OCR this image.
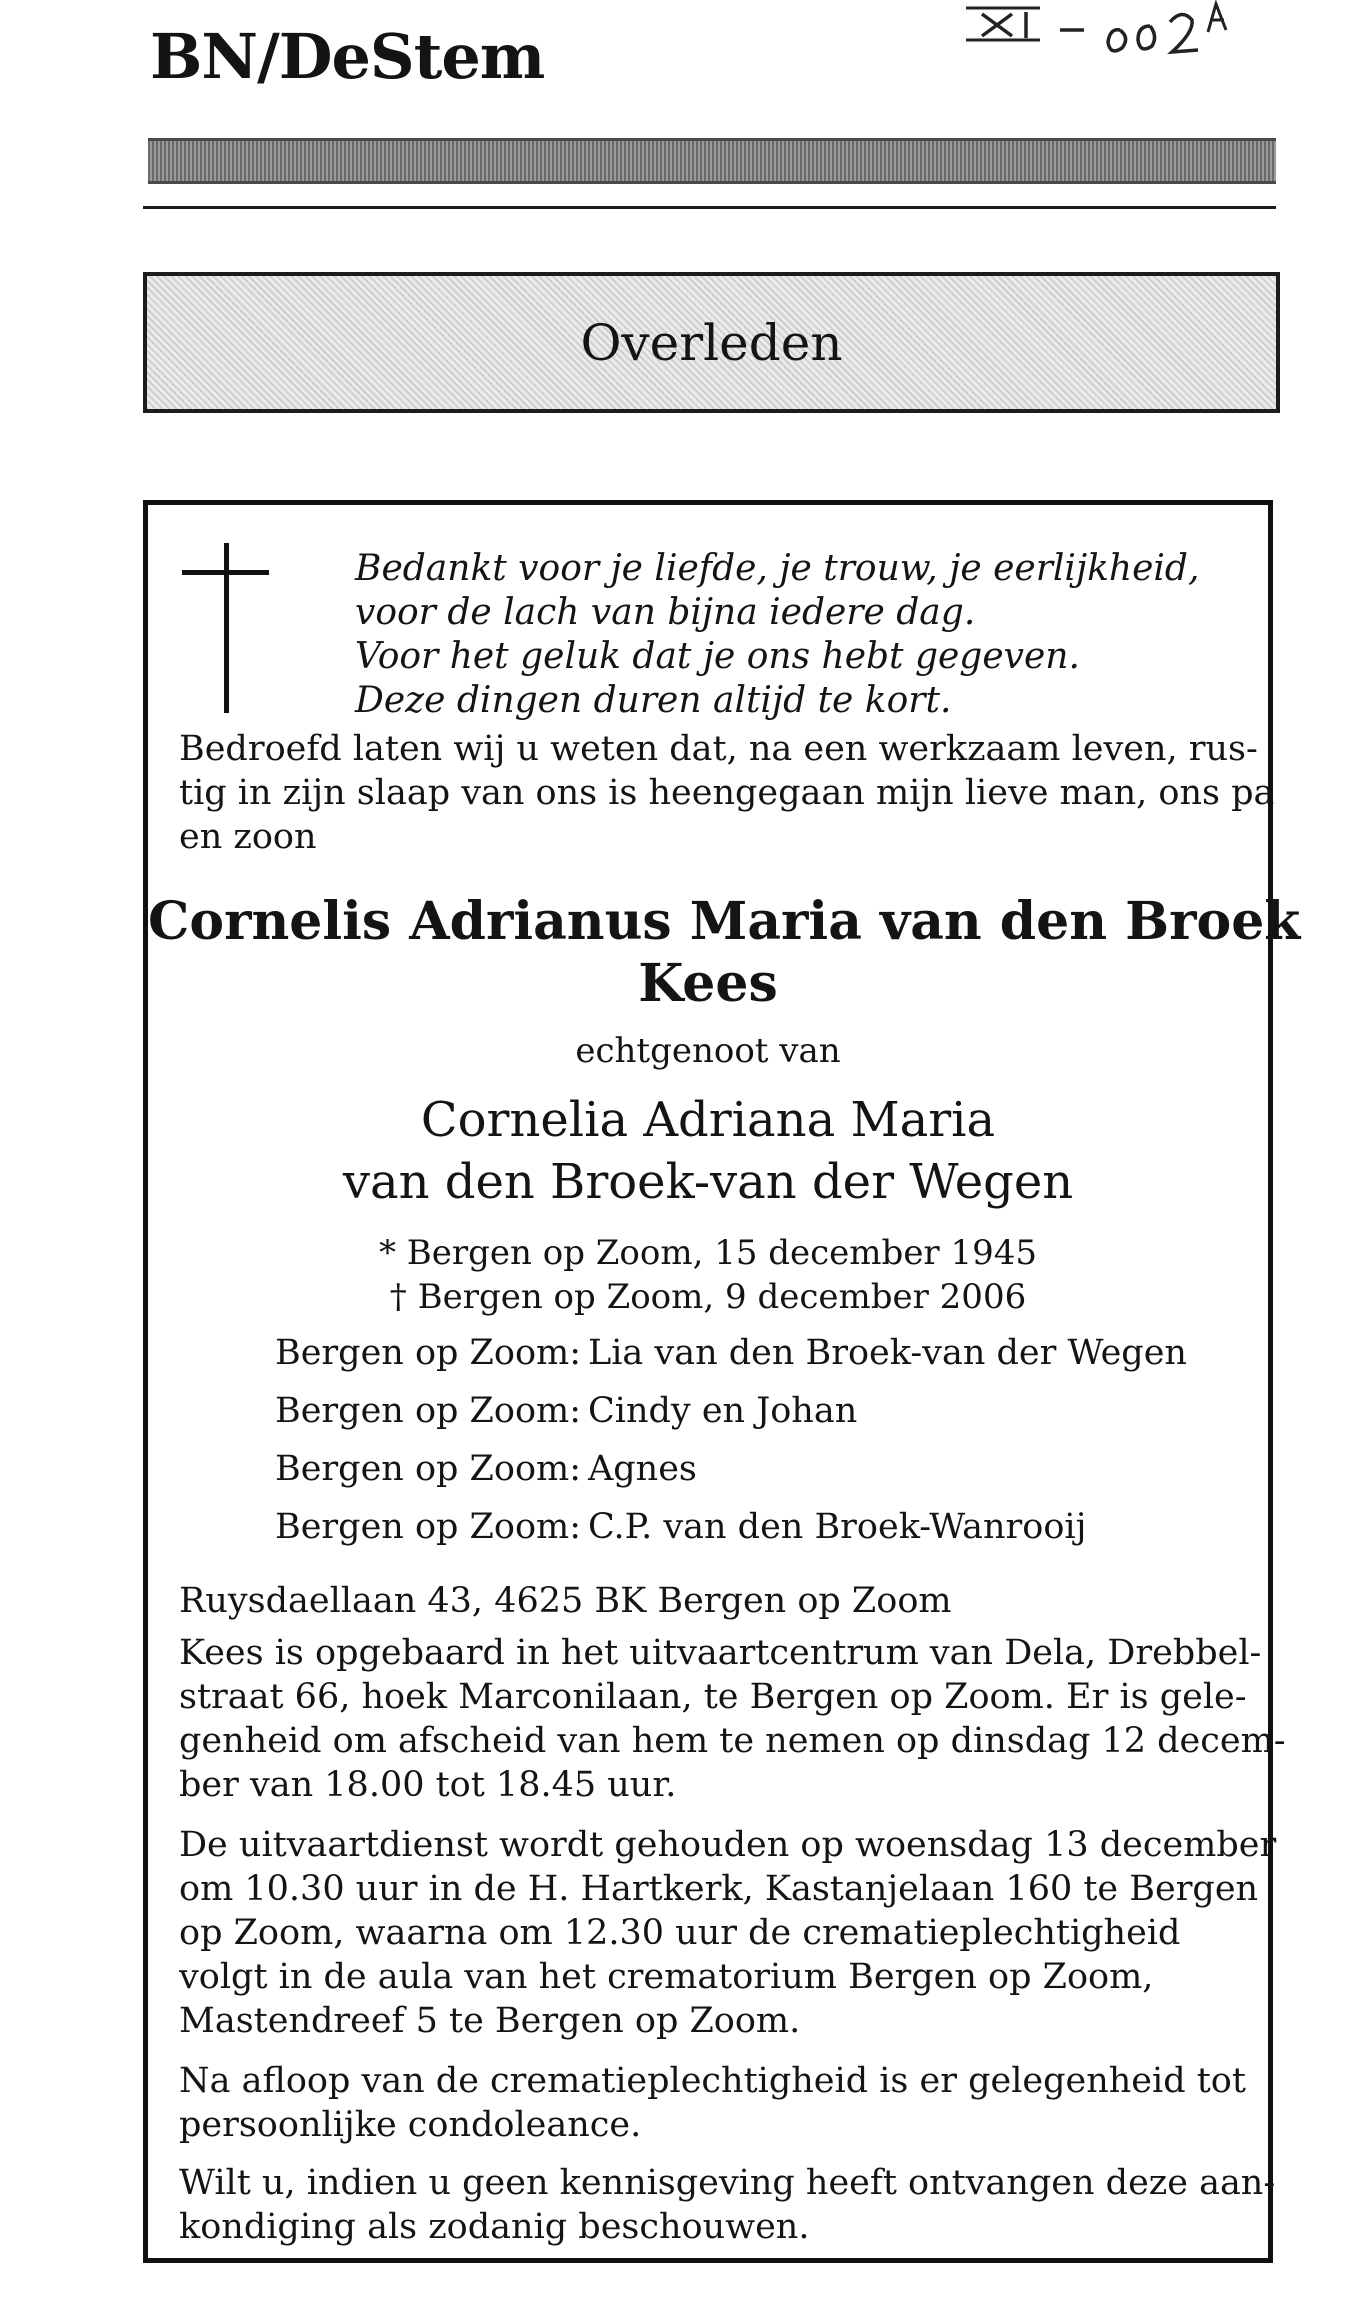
BN/DeStem
Overleden
Bedankt voor je liefde, je trouw, je eerlijkheid,
voor de lach van bijna iedere dag.
Voor het geluk dat je ons hebt gegeven.
Deze dingen duren altijd te kort.
Bedroefd laten wij u weten dat, na een werkzaam leven, rus-
tig in zijn slaap van ons is heengegaan mijn lieve man, ons pa
en zoon
Cornelis Adrianus Maria van den Broek
Kees
echtgenoot van
Cornelia Adriana Maria
van den Broek-van der Wegen
* Bergen op Zoom, 15 december 1945
† Bergen op Zoom, 9 december 2006
Bergen op Zoom: Lia van den Broek-van der Wegen
Bergen op Zoom: Cindy en Johan
Bergen op Zoom: Agnes
Bergen op Zoom: C.P. van den Broek-Wanrooij
Ruysdaellaan 43, 4625 BK Bergen op Zoom
Kees is opgebaard in het uitvaartcentrum van Dela, Drebbel-
straat 66, hoek Marconilaan, te Bergen op Zoom. Er is gele-
genheid om afscheid van hem te nemen op dinsdag 12 decem-
ber van 18.00 tot 18.45 uur.
De uitvaartdienst wordt gehouden op woensdag 13 december
om 10.30 uur in de H. Hartkerk, Kastanjelaan 160 te Bergen
op Zoom, waarna om 12.30 uur de crematieplechtigheid
volgt in de aula van het crematorium Bergen op Zoom,
Mastendreef 5 te Bergen op Zoom.
Na afloop van de crematieplechtigheid is er gelegenheid tot
persoonlijke condoleance.
Wilt u, indien u geen kennisgeving heeft ontvangen deze aan-
kondiging als zodanig beschouwen.
